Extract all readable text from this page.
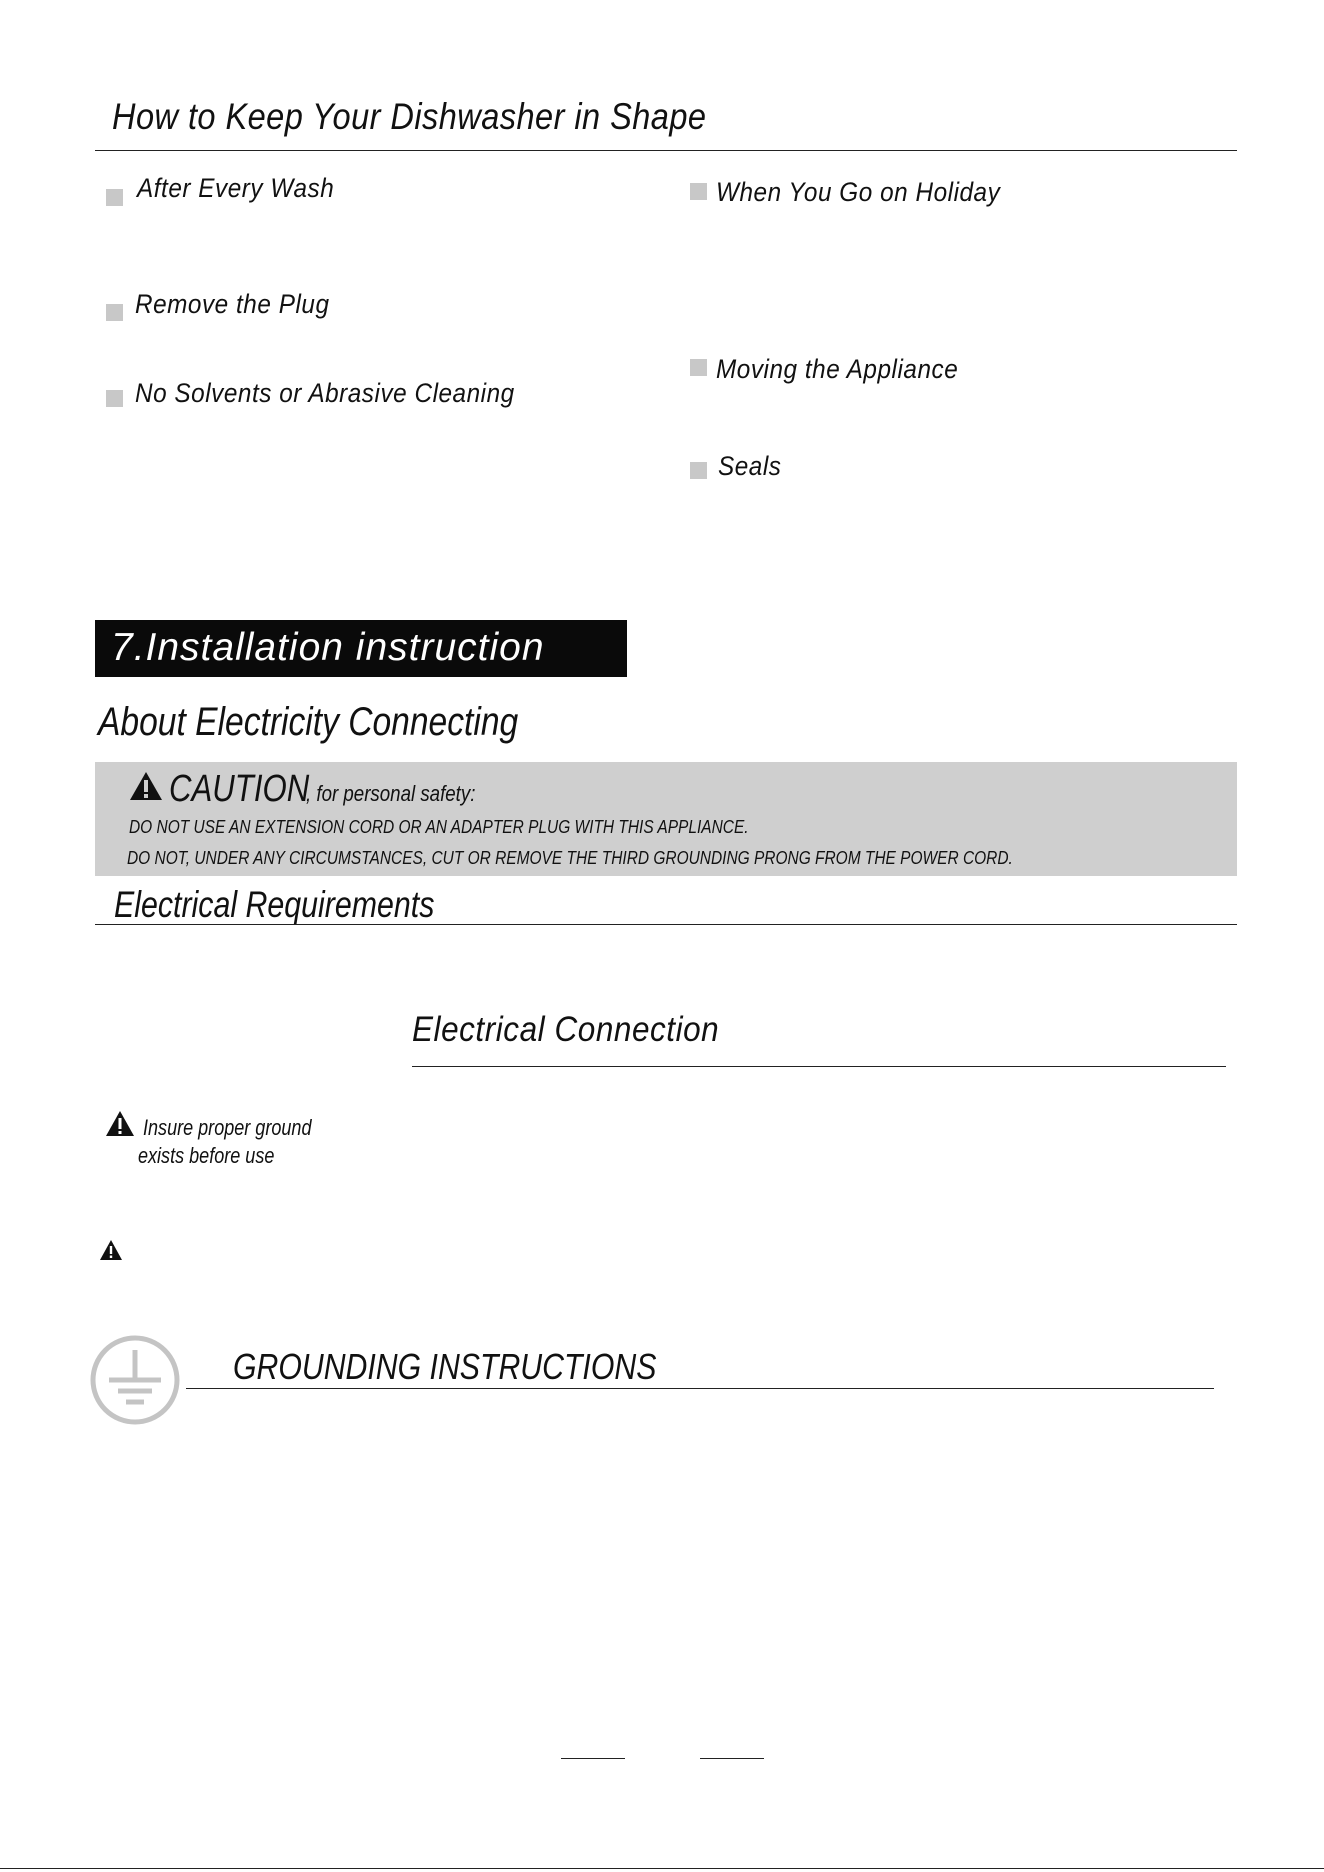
How to Keep Your Dishwasher in Shape
After Every Wash
Remove the Plug
No Solvents or Abrasive Cleaning
When You Go on Holiday
Moving the Appliance
Seals
7.Installation instruction
About Electricity Connecting
CAUTION, for personal safety:
DO NOT USE AN EXTENSION CORD OR AN ADAPTER PLUG WITH THIS APPLIANCE.
DO NOT, UNDER ANY CIRCUMSTANCES, CUT OR REMOVE THE THIRD GROUNDING PRONG FROM THE POWER CORD.
Electrical Requirements
Electrical Connection
Insure proper ground
exists before use
GROUNDING INSTRUCTIONS
